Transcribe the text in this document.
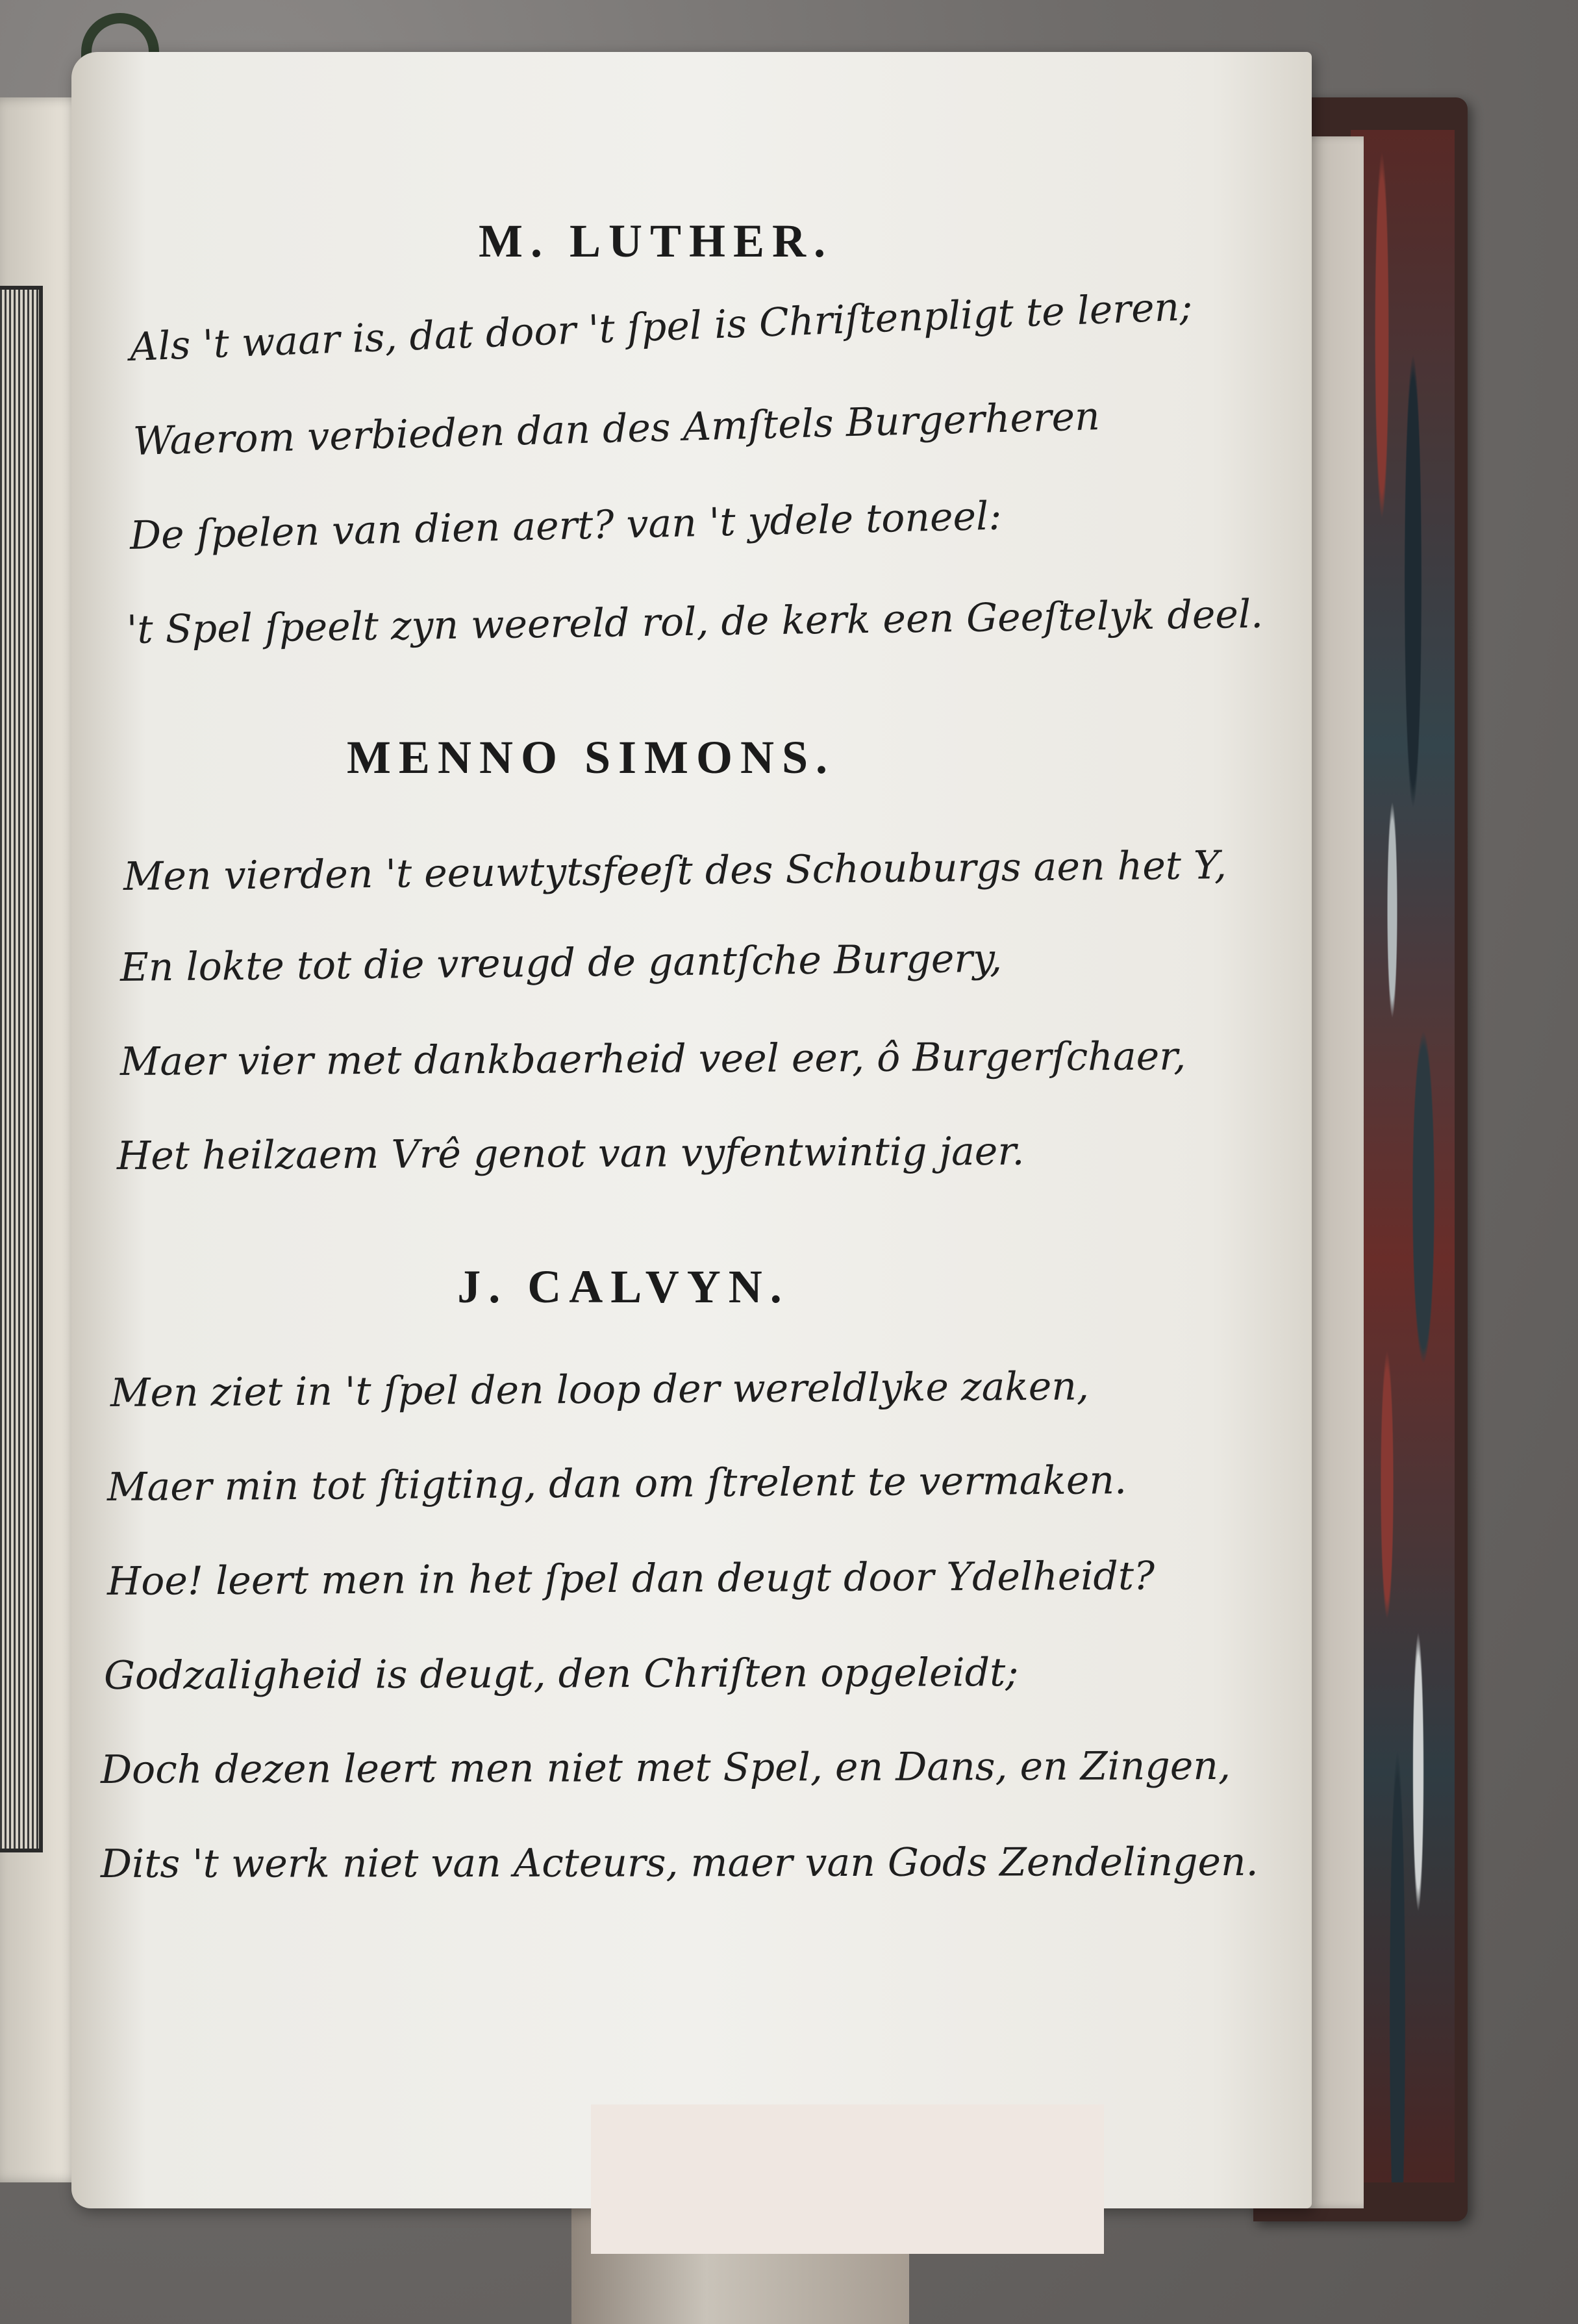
M. LUTHER.

Als 't waar is, dat door 't ſpel is Chriſtenpligt te leren;

Waerom verbieden dan des Amſtels Burgerheren

De ſpelen van dien aert? van 't ydele toneel:

't Spel ſpeelt zyn weereld rol, de kerk een Geeſtelyk deel.

MENNO SIMONS.

Men vierden 't eeuwtytsfeeſt des Schouburgs aen het Y,

En lokte tot die vreugd de gantſche Burgery,

Maer vier met dankbaerheid veel eer, ô Burgerſchaer,

Het heilzaem Vrê genot van vyfentwintig jaer.

J. CALVYN.

Men ziet in 't ſpel den loop der wereldlyke zaken,

Maer min tot ſtigting, dan om ſtrelent te vermaken.

Hoe! leert men in het ſpel dan deugt door Ydelheidt?

Godzaligheid is deugt, den Chriſten opgeleidt;

Doch dezen leert men niet met Spel, en Dans, en Zingen,

Dits 't werk niet van Acteurs, maer van Gods Zendelingen.
